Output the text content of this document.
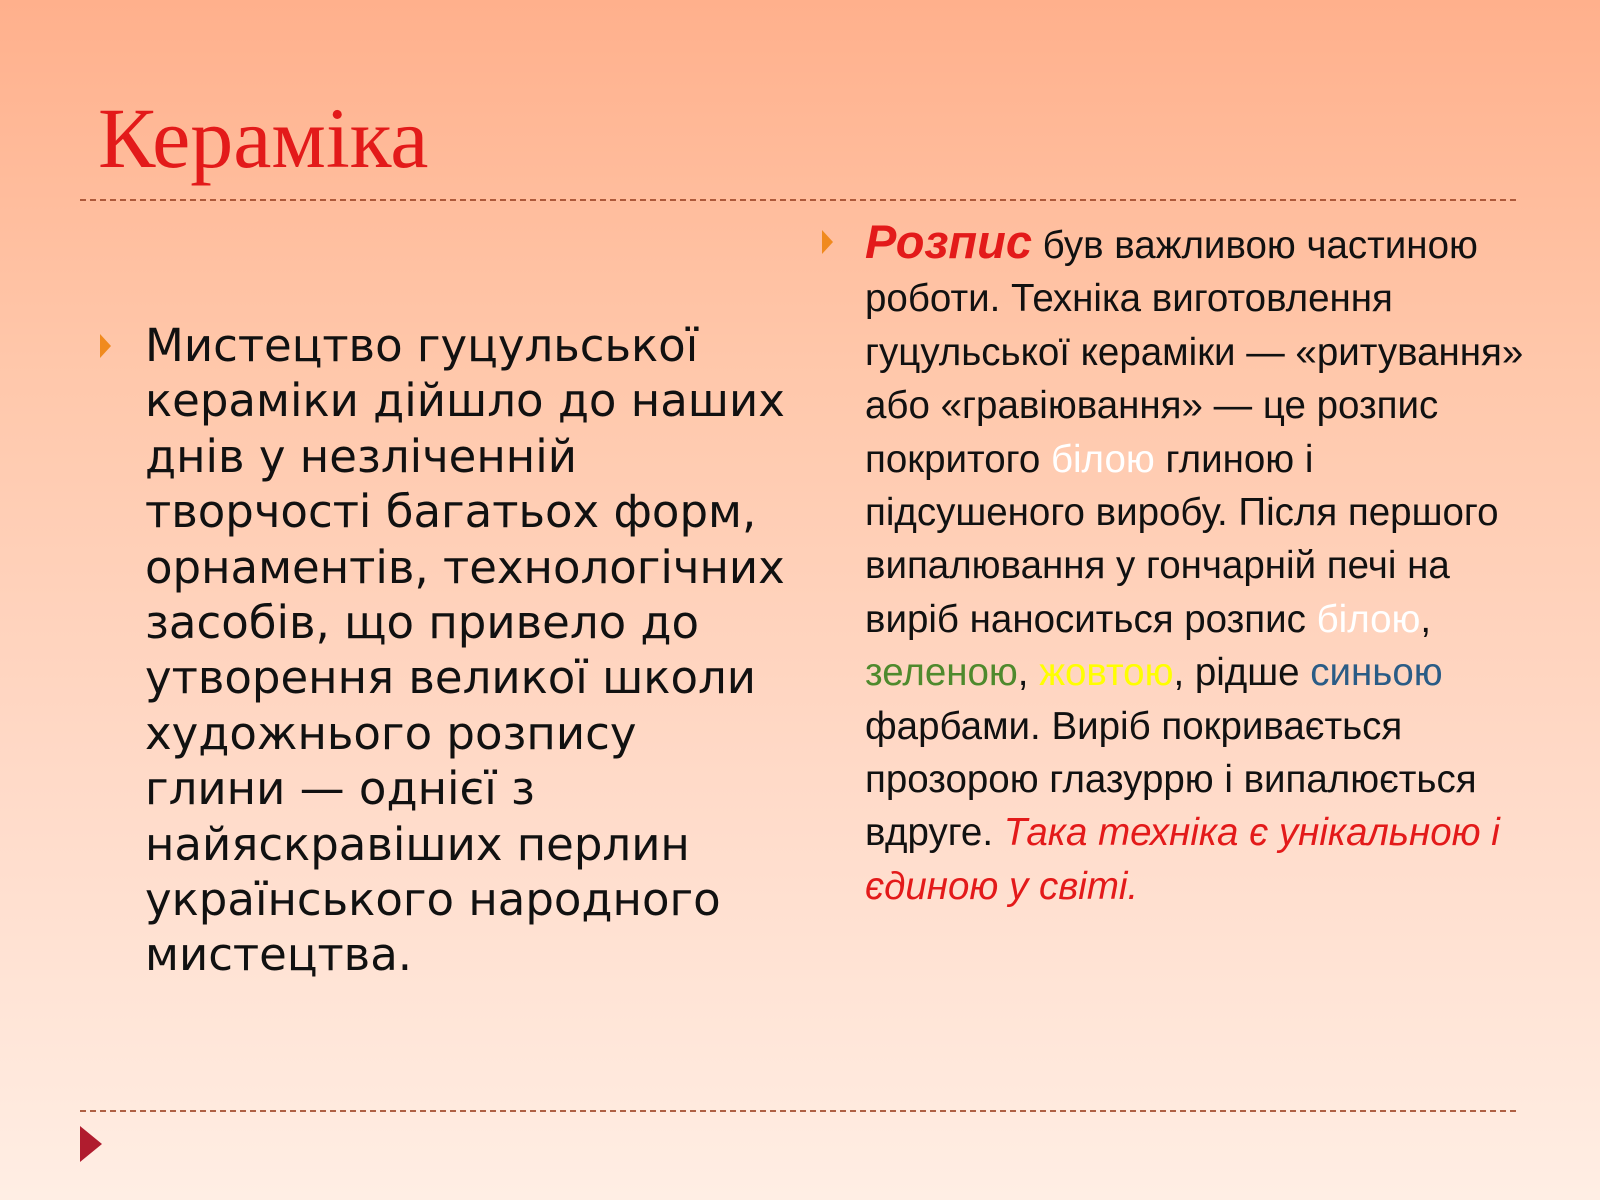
Кераміка

Мистецтво гуцульської кераміки дійшло до наших днів у незліченній творчості багатьох форм, орнаментів, технологічних засобів, що привело до утворення великої школи художнього розпису глини — однієї з найяскравіших перлин українського народного мистецтва.

Розпис був важливою частиною роботи. Техніка виготовлення гуцульської кераміки — «ритування» або «гравіювання» — це розпис покритого білою глиною і підсушеного виробу. Після першого випалювання у гончарній печі на виріб наноситься розпис білою, зеленою, жовтою, рідше синьою фарбами. Виріб покривається прозорою глазуррю і випалюється вдруге. Така техніка є унікальною і єдиною у світі.
